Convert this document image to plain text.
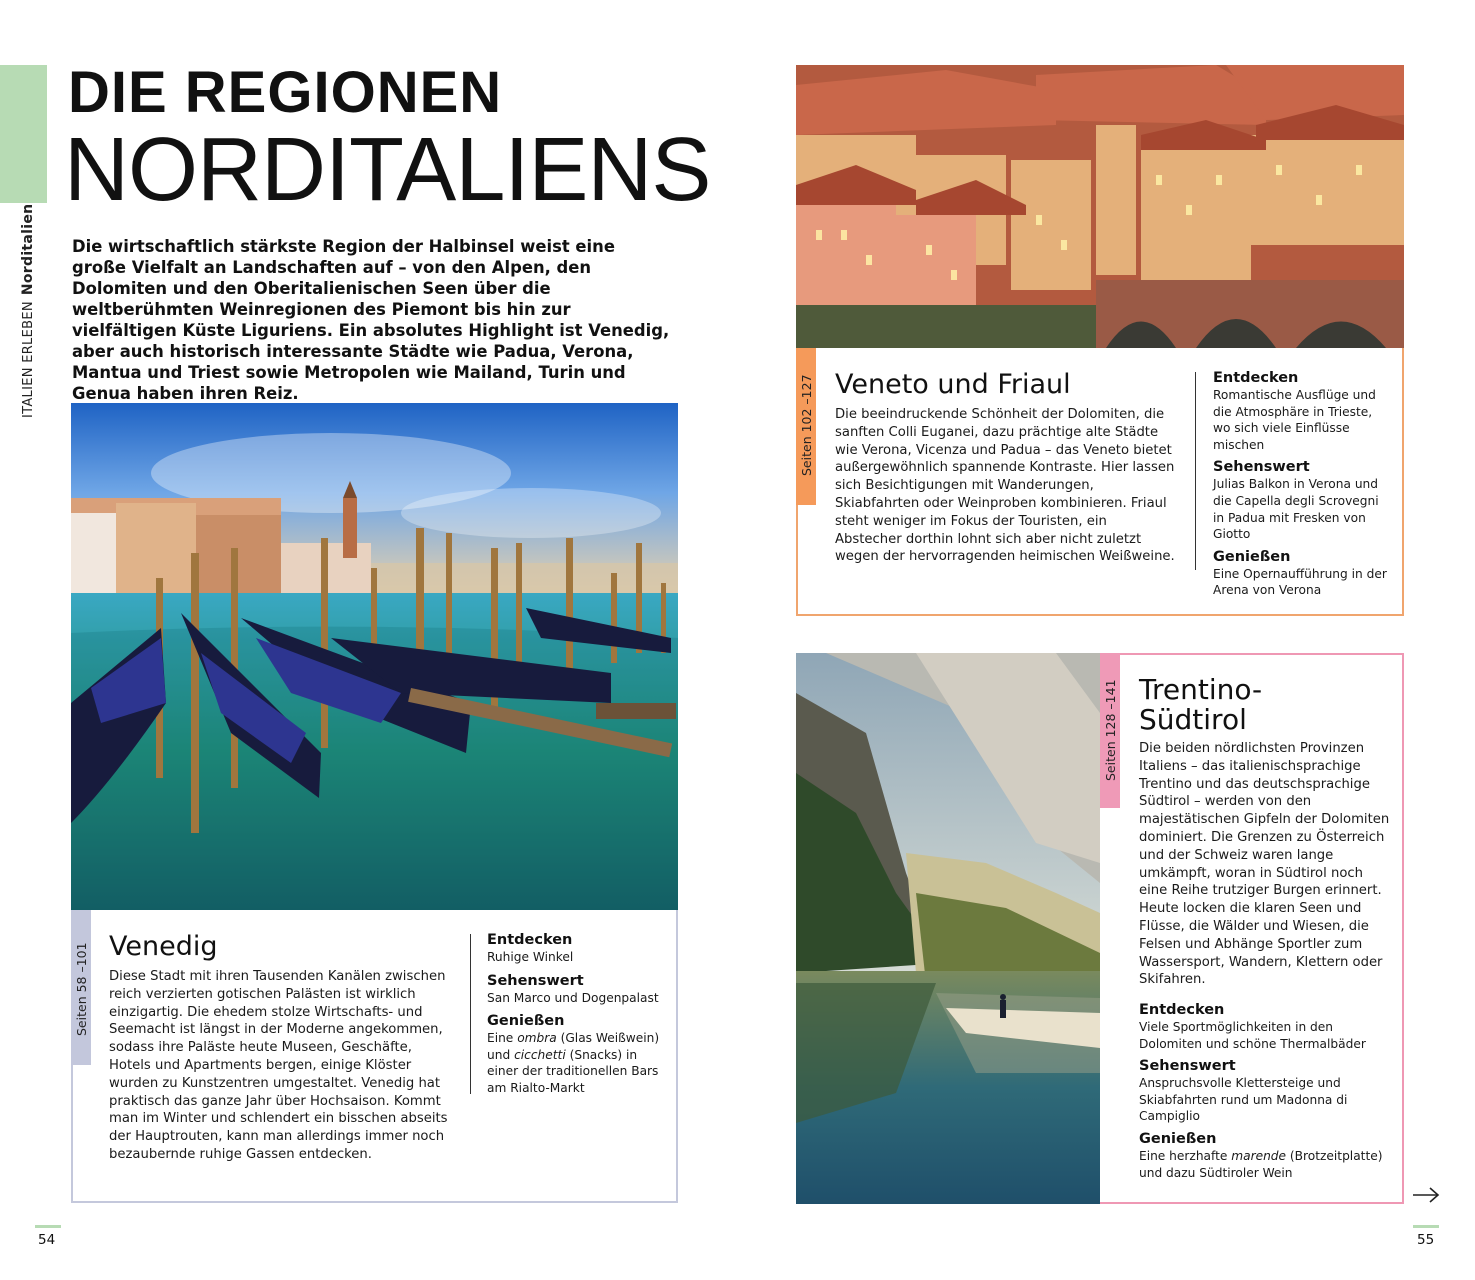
ITALIEN ERLEBENNorditalien
DIE REGIONEN
NORDITALIENS
Die wirtschaftlich stärkste Region der Halbinsel weist eine große Vielfalt an Landschaften auf – von den Alpen, den Dolomiten und den Oberitalienischen Seen über die weltberühmten Weinregionen des Piemont bis hin zur vielfältigen Küste Liguriens. Ein absolutes Highlight ist Venedig, aber auch historisch interessante Städte wie Padua, Verona, Mantua und Triest sowie Metropolen wie Mailand, Turin und Genua haben ihren Reiz.
Seiten 58 –101 Venedig
Diese Stadt mit ihren Tausenden Kanälen zwischen reich verzierten gotischen Palästen ist wirklich einzigartig. Die ehedem stolze Wirtschafts- und Seemacht ist längst in der Moderne angekommen, sodass ihre Paläste heute Museen, Geschäfte, Hotels und Apartments bergen, einige Klöster wurden zu Kunstzentren umgestaltet. Venedig hat praktisch das ganze Jahr über Hochsaison. Kommt man im Winter und schlendert ein bisschen abseits der Hauptrouten, kann man allerdings immer noch bezaubernde ruhige Gassen entdecken.
Entdecken
Ruhige Winkel
Sehenswert
San Marco und Dogenpalast
Genießen
Eine ombra (Glas Weißwein) und cicchetti (Snacks) in einer der traditionellen Bars am Rialto-Markt
Seiten 102 –127 Veneto und Friaul
Die beeindruckende Schönheit der Dolomiten, die sanften Colli Euganei, dazu prächtige alte Städte wie Verona, Vicenza und Padua – das Veneto bietet außergewöhnlich spannende Kontraste. Hier lassen sich Besichtigungen mit Wanderungen, Skiabfahrten oder Weinproben kombinieren. Friaul steht weniger im Fokus der Touristen, ein Abstecher dorthin lohnt sich aber nicht zuletzt wegen der hervorragenden heimischen Weißweine.
Entdecken
Romantische Ausflüge und die Atmosphäre in Trieste, wo sich viele Einflüsse mischen
Sehenswert
Julias Balkon in Verona und die Capella degli Scrovegni in Padua mit Fresken von Giotto
Genießen
Eine Opernaufführung in der Arena von Verona
Seiten 128 –141 Trentino-
Südtirol
Die beiden nördlichsten Provinzen Italiens – das italienischsprachige Trentino und das deutschsprachige Südtirol – werden von den majestätischen Gipfeln der Dolomiten dominiert. Die Grenzen zu Österreich und der Schweiz waren lange umkämpft, woran in Südtirol noch eine Reihe trutziger Burgen erinnert. Heute locken die klaren Seen und Flüsse, die Wälder und Wiesen, die Felsen und Abhänge Sportler zum Wassersport, Wandern, Klettern oder Skifahren.
Entdecken
Viele Sportmöglichkeiten in den Dolomiten und schöne Thermalbäder
Sehenswert
Anspruchsvolle Klettersteige und Skiabfahrten rund um Madonna di Campiglio
Genießen
Eine herzhafte marende (Brotzeitplatte) und dazu Südtiroler Wein
54	55
